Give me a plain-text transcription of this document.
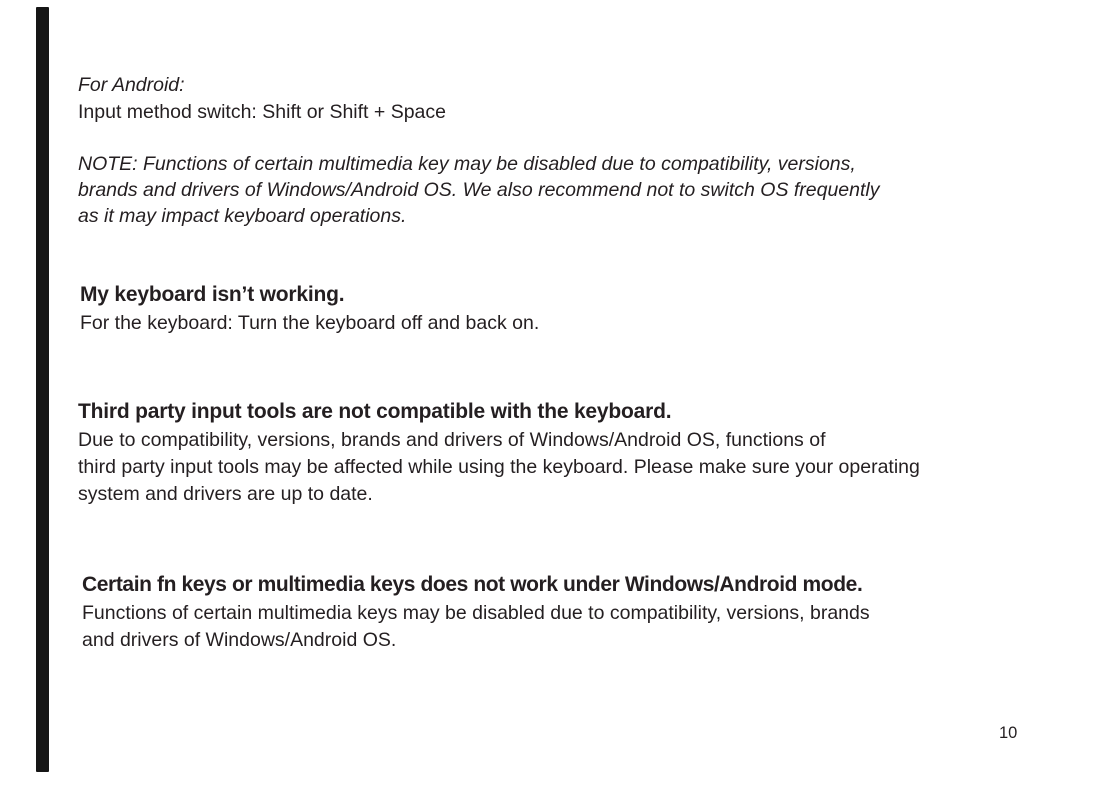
For Android:
Input method switch: Shift or Shift + Space
NOTE: Functions of certain multimedia key may be disabled due to compatibility, versions,
brands and drivers of Windows/Android OS. We also recommend not to switch OS frequently
as it may impact keyboard operations.
My keyboard isn’t working.
For the keyboard: Turn the keyboard off and back on.
Third party input tools are not compatible with the keyboard.
Due to compatibility, versions, brands and drivers of Windows/Android OS, functions of
third party input tools may be affected while using the keyboard. Please make sure your operating
system and drivers are up to date.
Certain fn keys or multimedia keys does not work under Windows/Android mode.
Functions of certain multimedia keys may be disabled due to compatibility, versions, brands
and drivers of Windows/Android OS.
10
